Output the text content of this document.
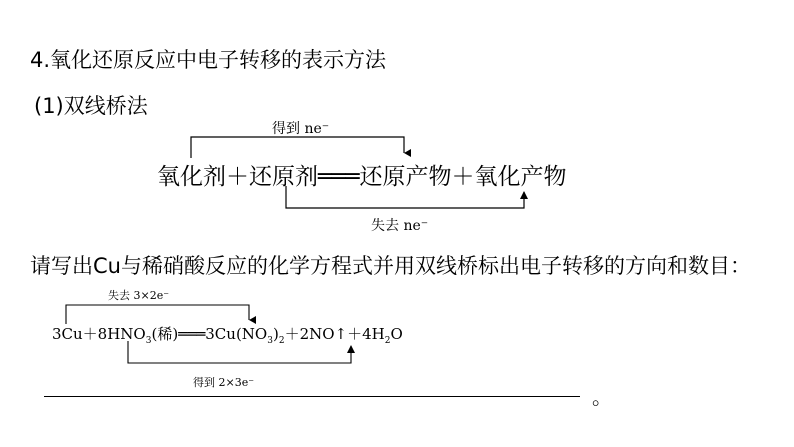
4.氧化还原反应中电子转移的表示方法
(1)双线桥法
得到 ne⁻
氧化剂＋还原剂═══还原产物＋氧化产物
失去 ne⁻
请写出Cu与稀硝酸反应的化学方程式并用双线桥标出电子转移的方向和数目：
失去 3×2e⁻
$3Cu+8HNO_3$(稀)$═══3Cu(NO_3)_2+2NO↑+4H_2O$
得到 2×3e⁻
。
